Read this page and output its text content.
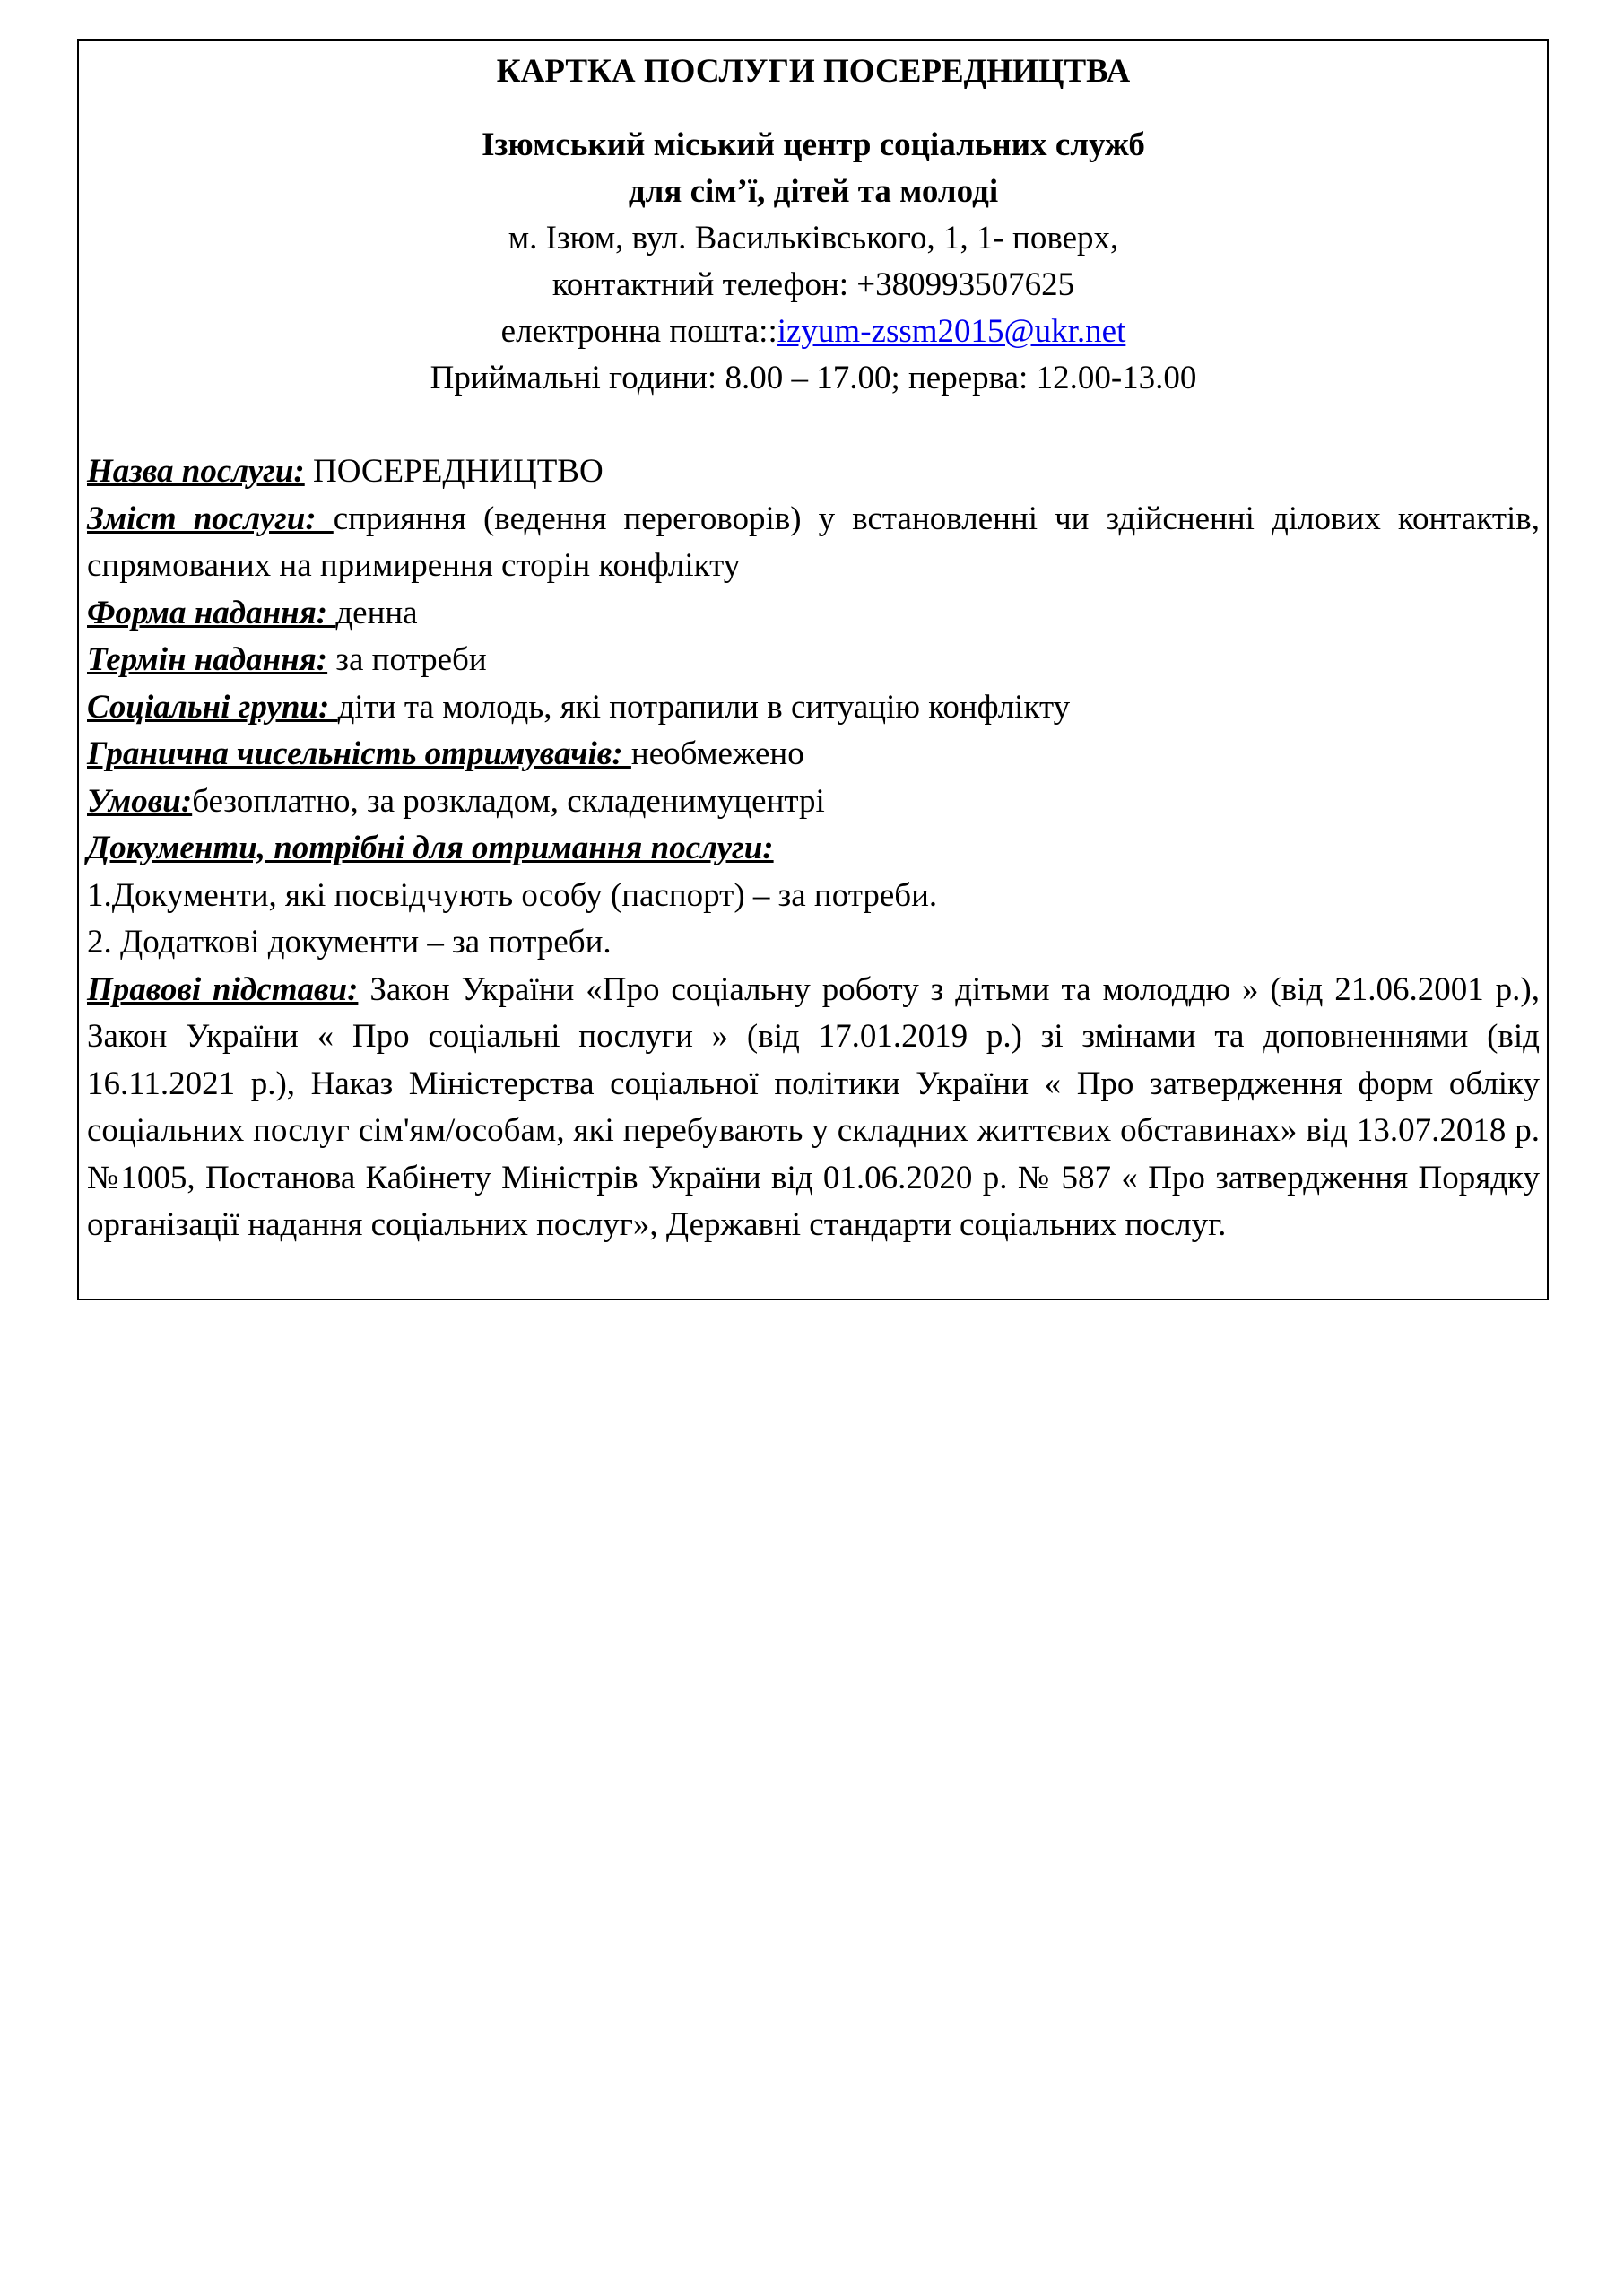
КАРТКА ПОСЛУГИ ПОСЕРЕДНИЦТВА
Ізюмський міський центр соціальних служб
для сім’ї, дітей та молоді
м. Ізюм, вул. Васильківського, 1, 1- поверх,
контактний телефон: +380993507625
електронна пошта::izyum-zssm2015@ukr.net
Приймальні години: 8.00 – 17.00; перерва: 12.00-13.00

Назва послуги: ПОСЕРЕДНИЦТВО

Зміст послуги: сприяння (ведення переговорів) у встановленні чи здійсненні ділових контактів, спрямованих на примирення сторін конфлікту

Форма надання: денна

Термін надання: за потреби

Соціальні групи: діти та молодь, які потрапили в ситуацію конфлікту

Гранична чисельність отримувачів: необмежено

Умови:безоплатно, за розкладом, складенимуцентрі

Документи, потрібні для отримання послуги:

1.Документи, які посвідчують особу (паспорт) – за потреби.

2. Додаткові документи – за потреби.

Правові підстави: Закон України «Про соціальну роботу з дітьми та молоддю » (від 21.06.2001 р.), Закон України « Про соціальні послуги » (від 17.01.2019 р.) зі змінами та доповненнями (від 16.11.2021 р.), Наказ Міністерства соціальної політики України « Про затвердження форм обліку соціальних послуг сім'ям/особам, які перебувають у складних життєвих обставинах» від 13.07.2018 р. №1005, Постанова Кабінету Міністрів України від 01.06.2020 р. № 587 « Про затвердження Порядку організації надання соціальних послуг», Державні стандарти соціальних послуг.
